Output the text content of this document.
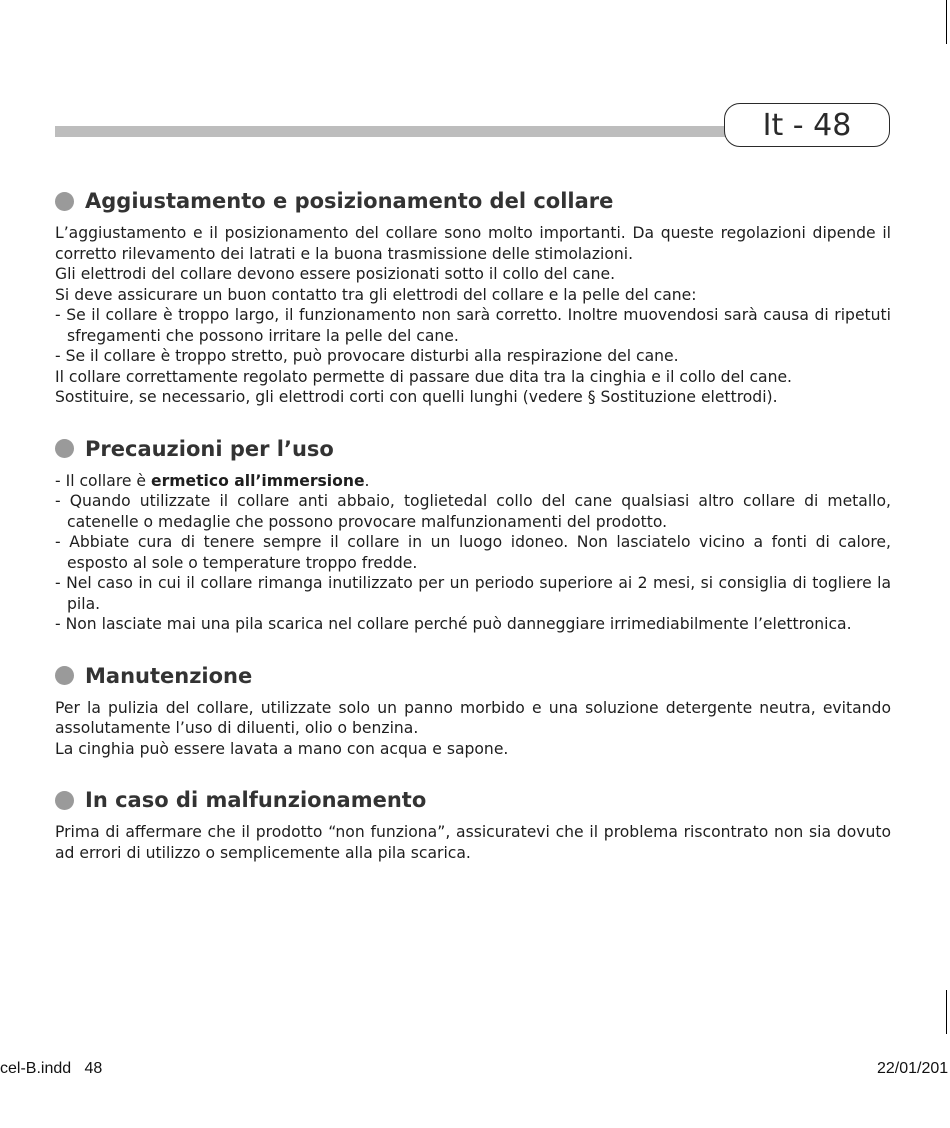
It - 48
Aggiustamento e posizionamento del collare

L’aggiustamento e il posizionamento del collare sono molto importanti. Da queste regolazioni dipende il corretto rilevamento dei latrati e la buona trasmissione delle stimolazioni.

Gli elettrodi del collare devono essere posizionati sotto il collo del cane.

Si deve assicurare un buon contatto tra gli elettrodi del collare e la pelle del cane:

- Se il collare è troppo largo, il funzionamento non sarà corretto. Inoltre muovendosi sarà causa di ripetuti sfregamenti che possono irritare la pelle del cane.

- Se il collare è troppo stretto, può provocare disturbi alla respirazione del cane.

Il collare correttamente regolato permette di passare due dita tra la cinghia e il collo del cane.

Sostituire, se necessario, gli elettrodi corti con quelli lunghi (vedere § Sostituzione elettrodi).

Precauzioni per l’uso

- Il collare è ermetico all’immersione.

- Quando utilizzate il collare anti abbaio, toglietedal collo del cane qualsiasi altro collare di metallo, catenelle o medaglie che possono provocare malfunzionamenti del prodotto.

- Abbiate cura di tenere sempre il collare in un luogo idoneo. Non lasciatelo vicino a fonti di calore, esposto al sole o temperature troppo fredde.

- Nel caso in cui il collare rimanga inutilizzato per un periodo superiore ai 2 mesi, si consiglia di togliere la pila.

- Non lasciate mai una pila scarica nel collare perché può danneggiare irrimediabilmente l’elettronica.

Manutenzione

Per la pulizia del collare, utilizzate solo un panno morbido e una soluzione detergente neutra, evitando assolutamente l’uso di diluenti, olio o benzina.

La cinghia può essere lavata a mano con acqua e sapone.

In caso di malfunzionamento

Prima di affermare che il prodotto “non funziona”, assicuratevi che il problema riscontrato non sia dovuto ad errori di utilizzo o semplicemente alla pila scarica.

cel-B.indd   48	22/01/201
